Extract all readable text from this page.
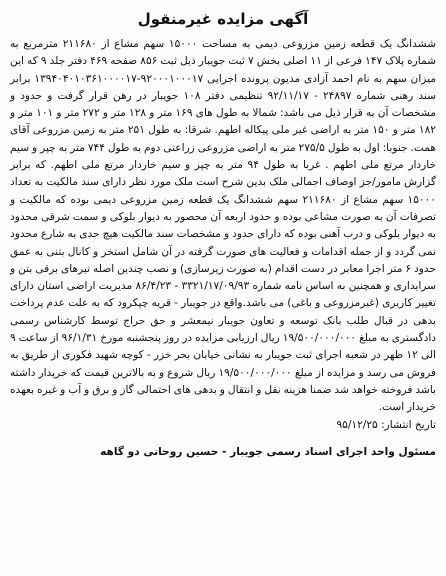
آگهی مزایده غیرمنقول

ششدانگ یک قطعه زمین مزروعی دیمی به مساحت ۱۵۰۰۰ سهم مشاع از ۲۱۱۶۸۰ مترمربع به شماره پلاک ۱۴۷ فرعی از ۱۱ اصلی بخش ۷ ثبت جویبار ذیل ثبت ۸۵۶ صفحه ۴۶۹ دفتر جلد ۹ که این میزان سهم به نام احمد آزادی مدیون پرونده اجرایی ۹۲۰۰۰۱۰۰۰۱۷-۱۳۹۴۰۴۰۱۰۳۶۱۰۰۰۰۱۷ برابر سند رهنی شماره ۲۴۸۹۷ - ۹۲/۱۱/۱۷ تنظیمی دفتر ۱۰۸ جویبار در رهن قرار گرفت و حدود و مشخصات آن به قرار ذیل می باشد: شمالا به طول های ۱۶۹ متر و ۱۲۸ متر و ۲۷۲ متر و ۱۰۱ متر و ۱۸۲ متر و ۱۵۰ متر به اراضی غیر ملی پیکاله اطهم. شرقا: به طول ۲۵۱ متر به زمین مزروعی آقای همت. جنوبا: اول به طول ۲۷۵/۵ متر به اراضی مزروعی زراعتی دوم به طول ۷۴۴ متر به چپر و سیم خاردار مرتع ملی اطهم . غربا به طول ۹۴ متر به چپر و سیم خاردار مرتع ملی اطهم. که برابر گزارش مامور/جز اوصاف اجمالی ملک بدین شرح است ملک مورد نظر دارای سند مالکیت به تعداد ۱۵۰۰۰ سهم مشاع از ۲۱۱۶۸۰ سهم ششدانگ یک قطعه زمین مزروعی دیمی بوده که مالکیت و تصرفات آن به صورت مشاعی بوده و حدود اربعه آن محصور به دیوار بلوکی و سمت شرقی محدود به دیوار بلوکی و درب آهنی بوده که دارای حدود و مشخصات سند مالکیت هیچ حدی به شارع محدود نمی گردد و از جمله اقدامات و فعالیت های صورت گرفته در آن شامل استخر و کانال بتنی به عمق حدود ۶ متر اجرا معابر در دست اقدام (به صورت زیرسازی) و نصب چندین اصله تیرهای برقی بتن و سرایداری و همچنین به اساس نامه شماره ۳۳۲۱/۱۷/۰۹/۹۳ - ۸۶/۴/۲۳ مدیریت اراضی استان دارای تغییر کاربری (غیرمزروعی و باغی) می باشد.واقع در جویبار - قریه چپکرود که به علت عدم پرداخت بدهی در قبال طلب بانک توسعه و تعاون جویبار نیمعشر و حق حراج توسط کارشناس رسمی دادگستری به مبلغ ۱۹/۵۰۰/۰۰۰/۰۰۰ ریال ارزیابی مزایده در روز پنجشنبه مورخ ۹۶/۱/۳۱ از ساعت ۹ الی ۱۲ ظهر در شعبه اجرای ثبت جویبار به نشانی خیابان بحر خزر - کوچه شهید فکوری از طریق به فروش می رسد و مزایده از مبلغ ۱۹/۵۰۰/۰۰۰/۰۰۰ ریال شروع و به بالاترین قیمت که خریدار داشته باشد فروخته خواهد شد ضمنا هزینه نقل و انتقال و بدهی های احتمالی گاز و برق و آب و غیره بعهده خریدار است.

تاریخ انتشار: ۹۵/۱۲/۲۵

مسئول واحد اجرای اسناد رسمی جویبار - حسین روحانی دو گاهه
